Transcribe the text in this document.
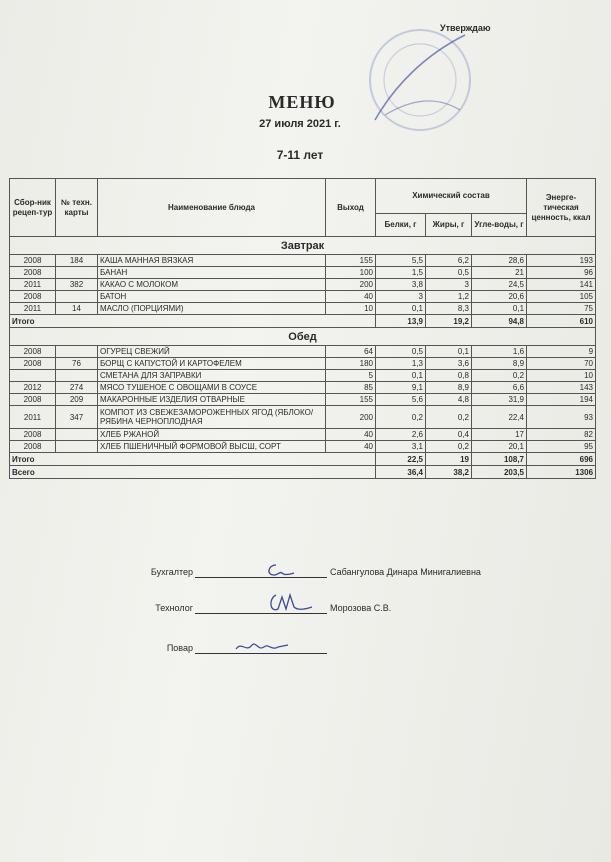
Утверждаю
МЕНЮ
27 июля 2021 г.
7-11 лет
Сбор-ник рецеп-тур	№ техн. карты	Наименование блюда	Выход	Химический состав			Энерге-тическая ценность, ккал
				Белки, г	Жиры, г	Угле-воды, г	
Завтрак							
2008	184	КАША МАННАЯ ВЯЗКАЯ	155	5,5	6,2	28,6	193
2008		БАНАН	100	1,5	0,5	21	96
2011	382	КАКАО С МОЛОКОМ	200	3,8	3	24,5	141
2008		БАТОН	40	3	1,2	20,6	105
2011	14	МАСЛО (ПОРЦИЯМИ)	10	0,1	8,3	0,1	75
Итого				13,9	19,2	94,8	610
Обед							
2008		ОГУРЕЦ СВЕЖИЙ	64	0,5	0,1	1,6	9
2008	76	БОРЩ С КАПУСТОЙ И КАРТОФЕЛЕМ	180	1,3	3,6	8,9	70
		СМЕТАНА ДЛЯ ЗАПРАВКИ	5	0,1	0,8	0,2	10
2012	274	МЯСО ТУШЕНОЕ С ОВОЩАМИ В СОУСЕ	85	9,1	8,9	6,6	143
2008	209	МАКАРОННЫЕ ИЗДЕЛИЯ ОТВАРНЫЕ	155	5,6	4,8	31,9	194
2011	347	КОМПОТ ИЗ СВЕЖЕЗАМОРОЖЕННЫХ ЯГОД (ЯБЛОКО/РЯБИНА ЧЕРНОПЛОДНАЯ	200	0,2	0,2	22,4	93
2008		ХЛЕБ РЖАНОЙ	40	2,6	0,4	17	82
2008		ХЛЕБ ПШЕНИЧНЫЙ ФОРМОВОЙ ВЫСШ, СОРТ	40	3,1	0,2	20,1	95
Итого				22,5	19	108,7	696
Всего				36,4	38,2	203,5	1306
Бухгалтер	Сабангулова Динара Минигалиевна
Технолог	Морозова С.В.
Повар
